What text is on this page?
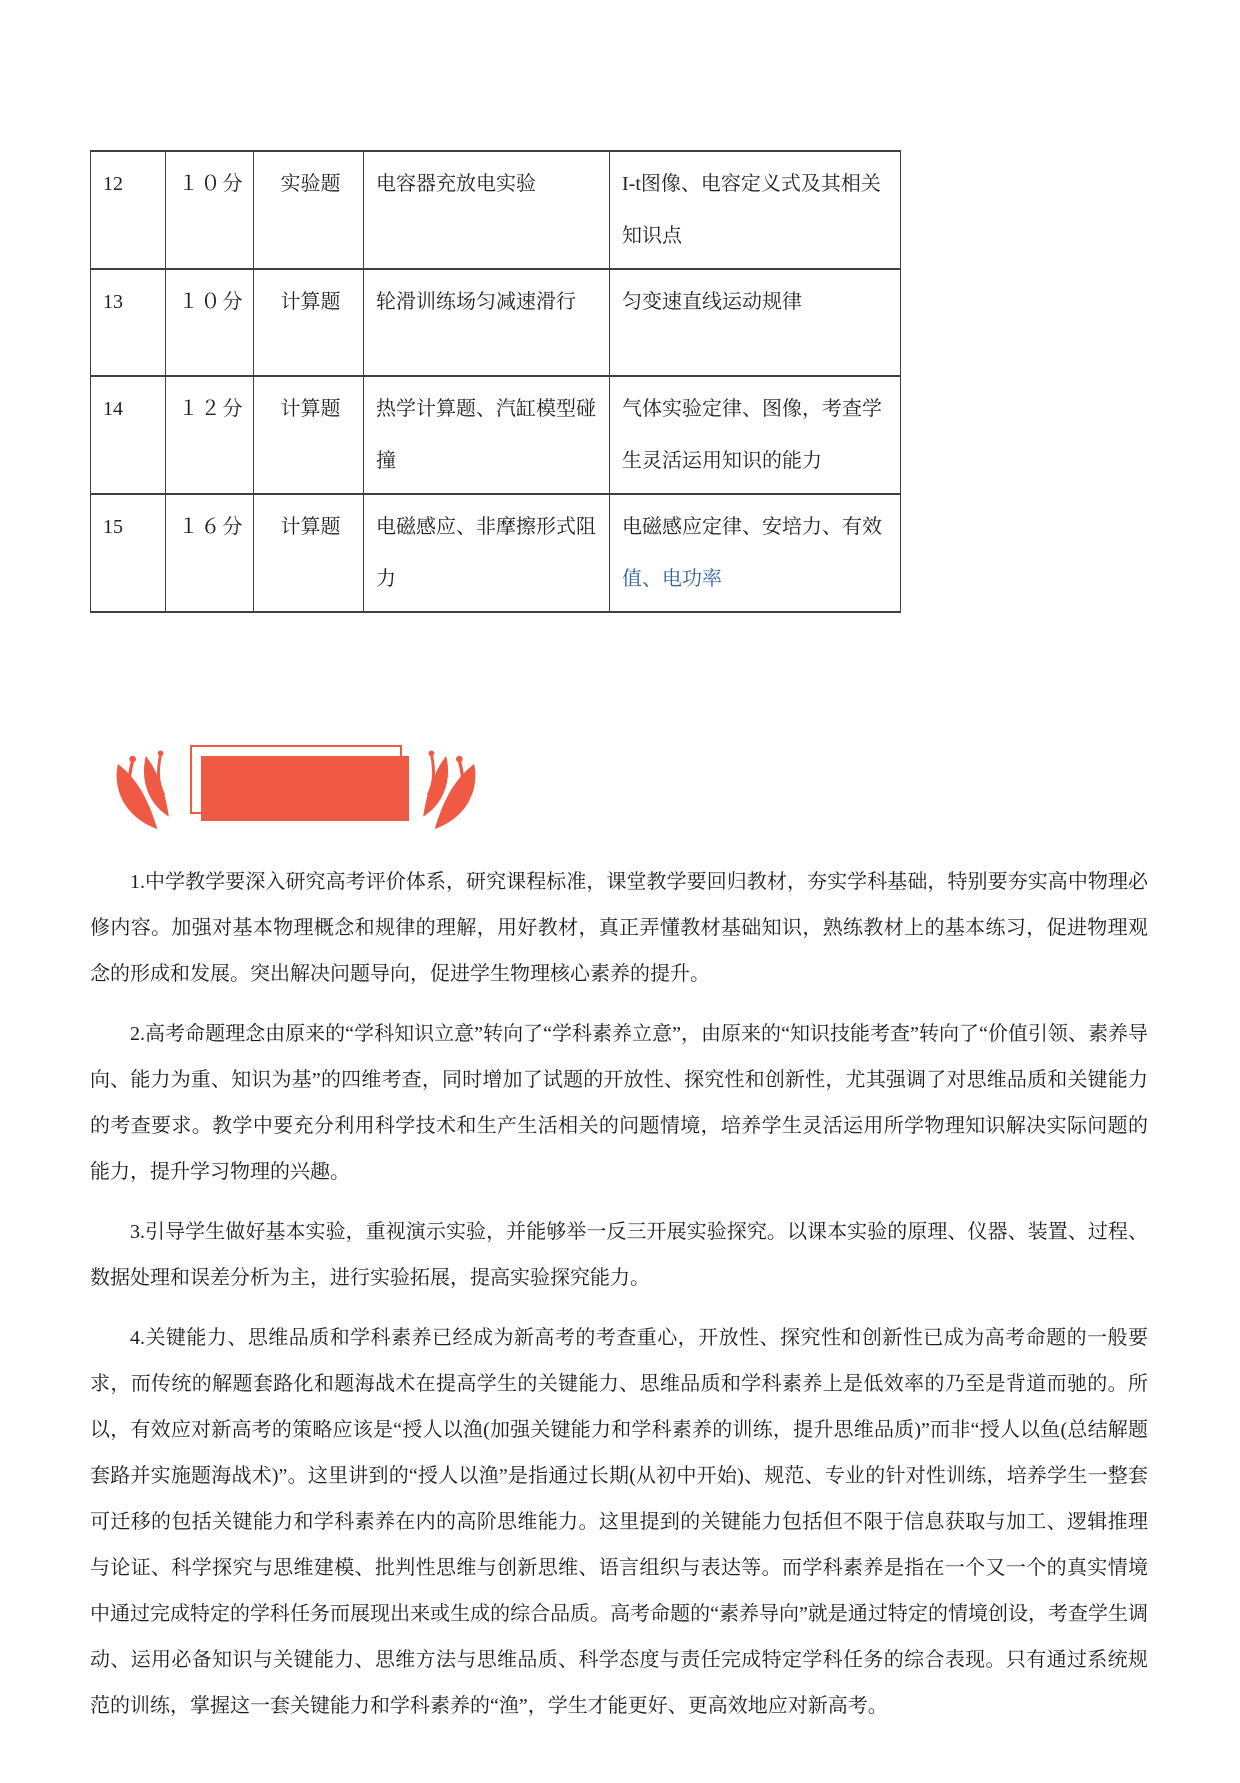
12	１０分	实验题	电容器充放电实验	I-t图像、电容定义式及其相关知识点
13	１０分	计算题	轮滑训练场匀减速滑行	匀变速直线运动规律
14	１２分	计算题	热学计算题、汽缸模型碰撞	气体实验定律、图像，考查学生灵活运用知识的能力
15	１６分	计算题	电磁感应、非摩擦形式阻力	电磁感应定律、安培力、有效
值、电功率
备考指津

1.中学教学要深入研究高考评价体系，研究课程标准，课堂教学要回归教材，夯实学科基础，特别要夯实高中物理必修内容。加强对基本物理概念和规律的理解，用好教材，真正弄懂教材基础知识，熟练教材上的基本练习，促进物理观念的形成和发展。突出解决问题导向，促进学生物理核心素养的提升。

2.高考命题理念由原来的“学科知识立意”转向了“学科素养立意”，由原来的“知识技能考查”转向了“价值引领、素养导向、能力为重、知识为基”的四维考查，同时增加了试题的开放性、探究性和创新性，尤其强调了对思维品质和关键能力的考查要求。教学中要充分利用科学技术和生产生活相关的问题情境，培养学生灵活运用所学物理知识解决实际问题的能力，提升学习物理的兴趣。

3.引导学生做好基本实验，重视演示实验，并能够举一反三开展实验探究。以课本实验的原理、仪器、装置、过程、数据处理和误差分析为主，进行实验拓展，提高实验探究能力。

4.关键能力、思维品质和学科素养已经成为新高考的考查重心，开放性、探究性和创新性已成为高考命题的一般要求，而传统的解题套路化和题海战术在提高学生的关键能力、思维品质和学科素养上是低效率的乃至是背道而驰的。所以，有效应对新高考的策略应该是“授人以渔(加强关键能力和学科素养的训练，提升思维品质)”而非“授人以鱼(总结解题套路并实施题海战术)”。这里讲到的“授人以渔”是指通过长期(从初中开始)、规范、专业的针对性训练，培养学生一整套可迁移的包括关键能力和学科素养在内的高阶思维能力。这里提到的关键能力包括但不限于信息获取与加工、逻辑推理与论证、科学探究与思维建模、批判性思维与创新思维、语言组织与表达等。而学科素养是指在一个又一个的真实情境中通过完成特定的学科任务而展现出来或生成的综合品质。高考命题的“素养导向”就是通过特定的情境创设，考查学生调动、运用必备知识与关键能力、思维方法与思维品质、科学态度与责任完成特定学科任务的综合表现。只有通过系统规范的训练，掌握这一套关键能力和学科素养的“渔”，学生才能更好、更高效地应对新高考。
